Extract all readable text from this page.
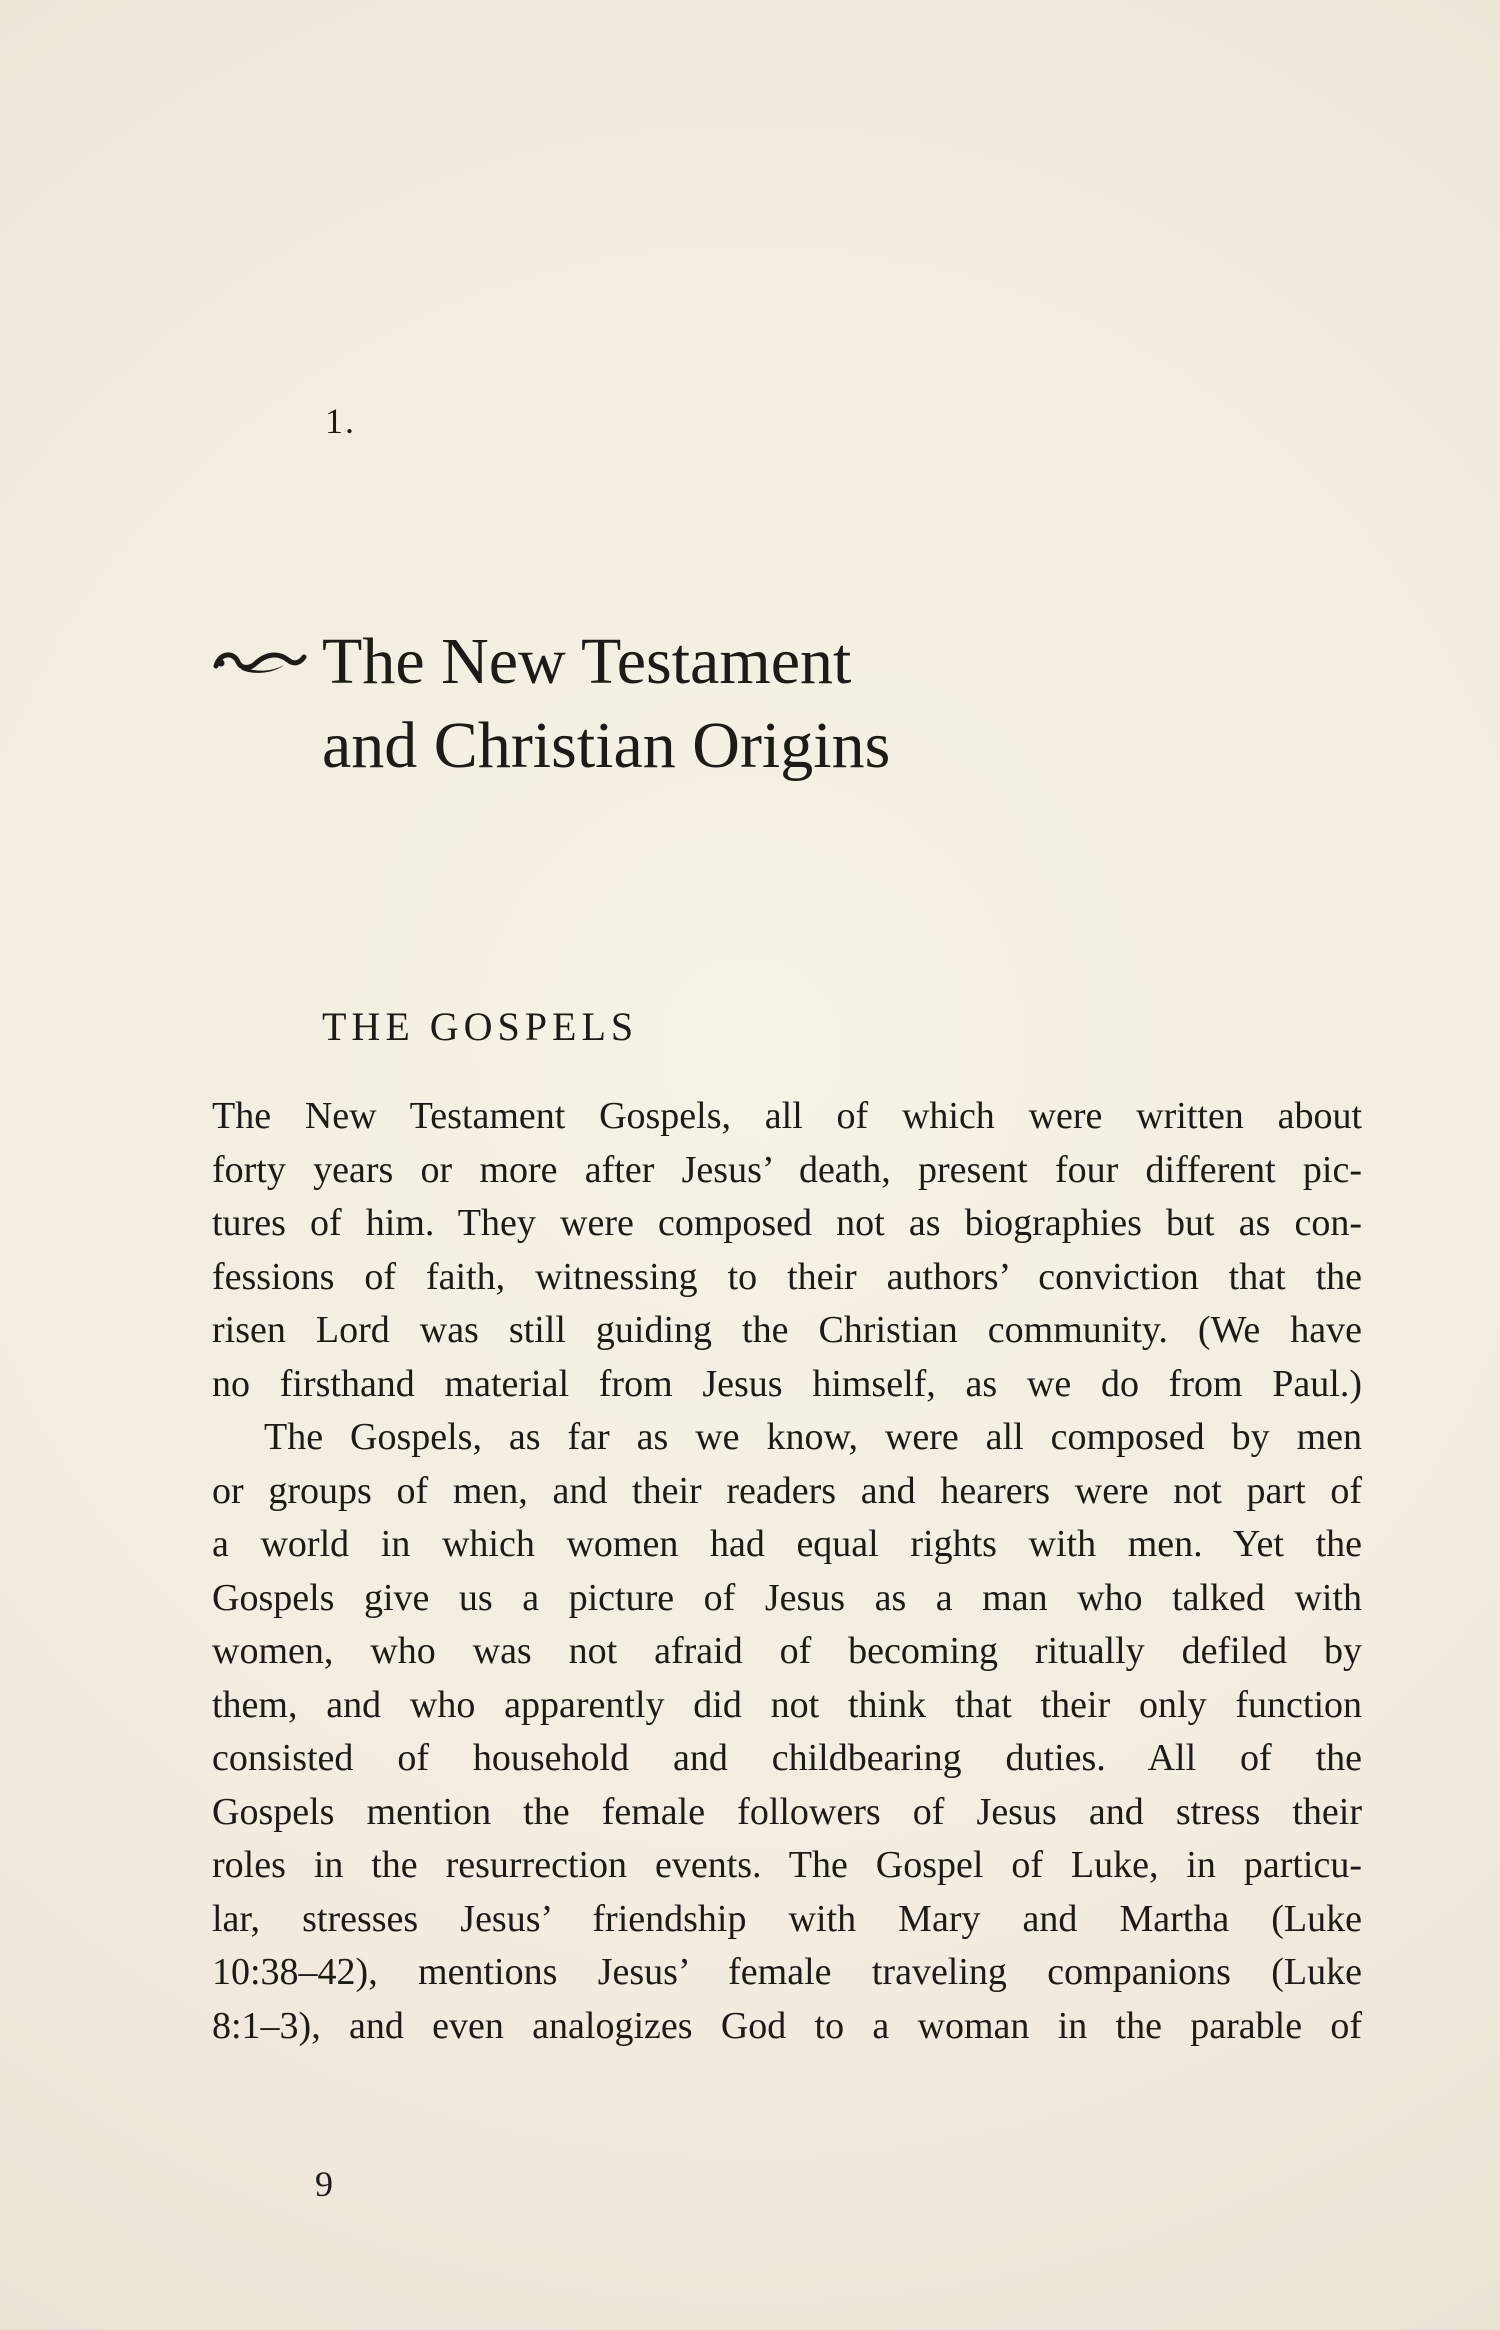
1.
The New Testament
and Christian Origins
THE GOSPELS
The New Testament Gospels, all of which were written about
forty years or more after Jesus’ death, present four different pic-
tures of him. They were composed not as biographies but as con-
fessions of faith, witnessing to their authors’ conviction that the
risen Lord was still guiding the Christian community. (We have
no firsthand material from Jesus himself, as we do from Paul.)
The Gospels, as far as we know, were all composed by men
or groups of men, and their readers and hearers were not part of
a world in which women had equal rights with men. Yet the
Gospels give us a picture of Jesus as a man who talked with
women, who was not afraid of becoming ritually defiled by
them, and who apparently did not think that their only function
consisted of household and childbearing duties. All of the
Gospels mention the female followers of Jesus and stress their
roles in the resurrection events. The Gospel of Luke, in particu-
lar, stresses Jesus’ friendship with Mary and Martha (Luke
10:38–42), mentions Jesus’ female traveling companions (Luke
8:1–3), and even analogizes God to a woman in the parable of
9
